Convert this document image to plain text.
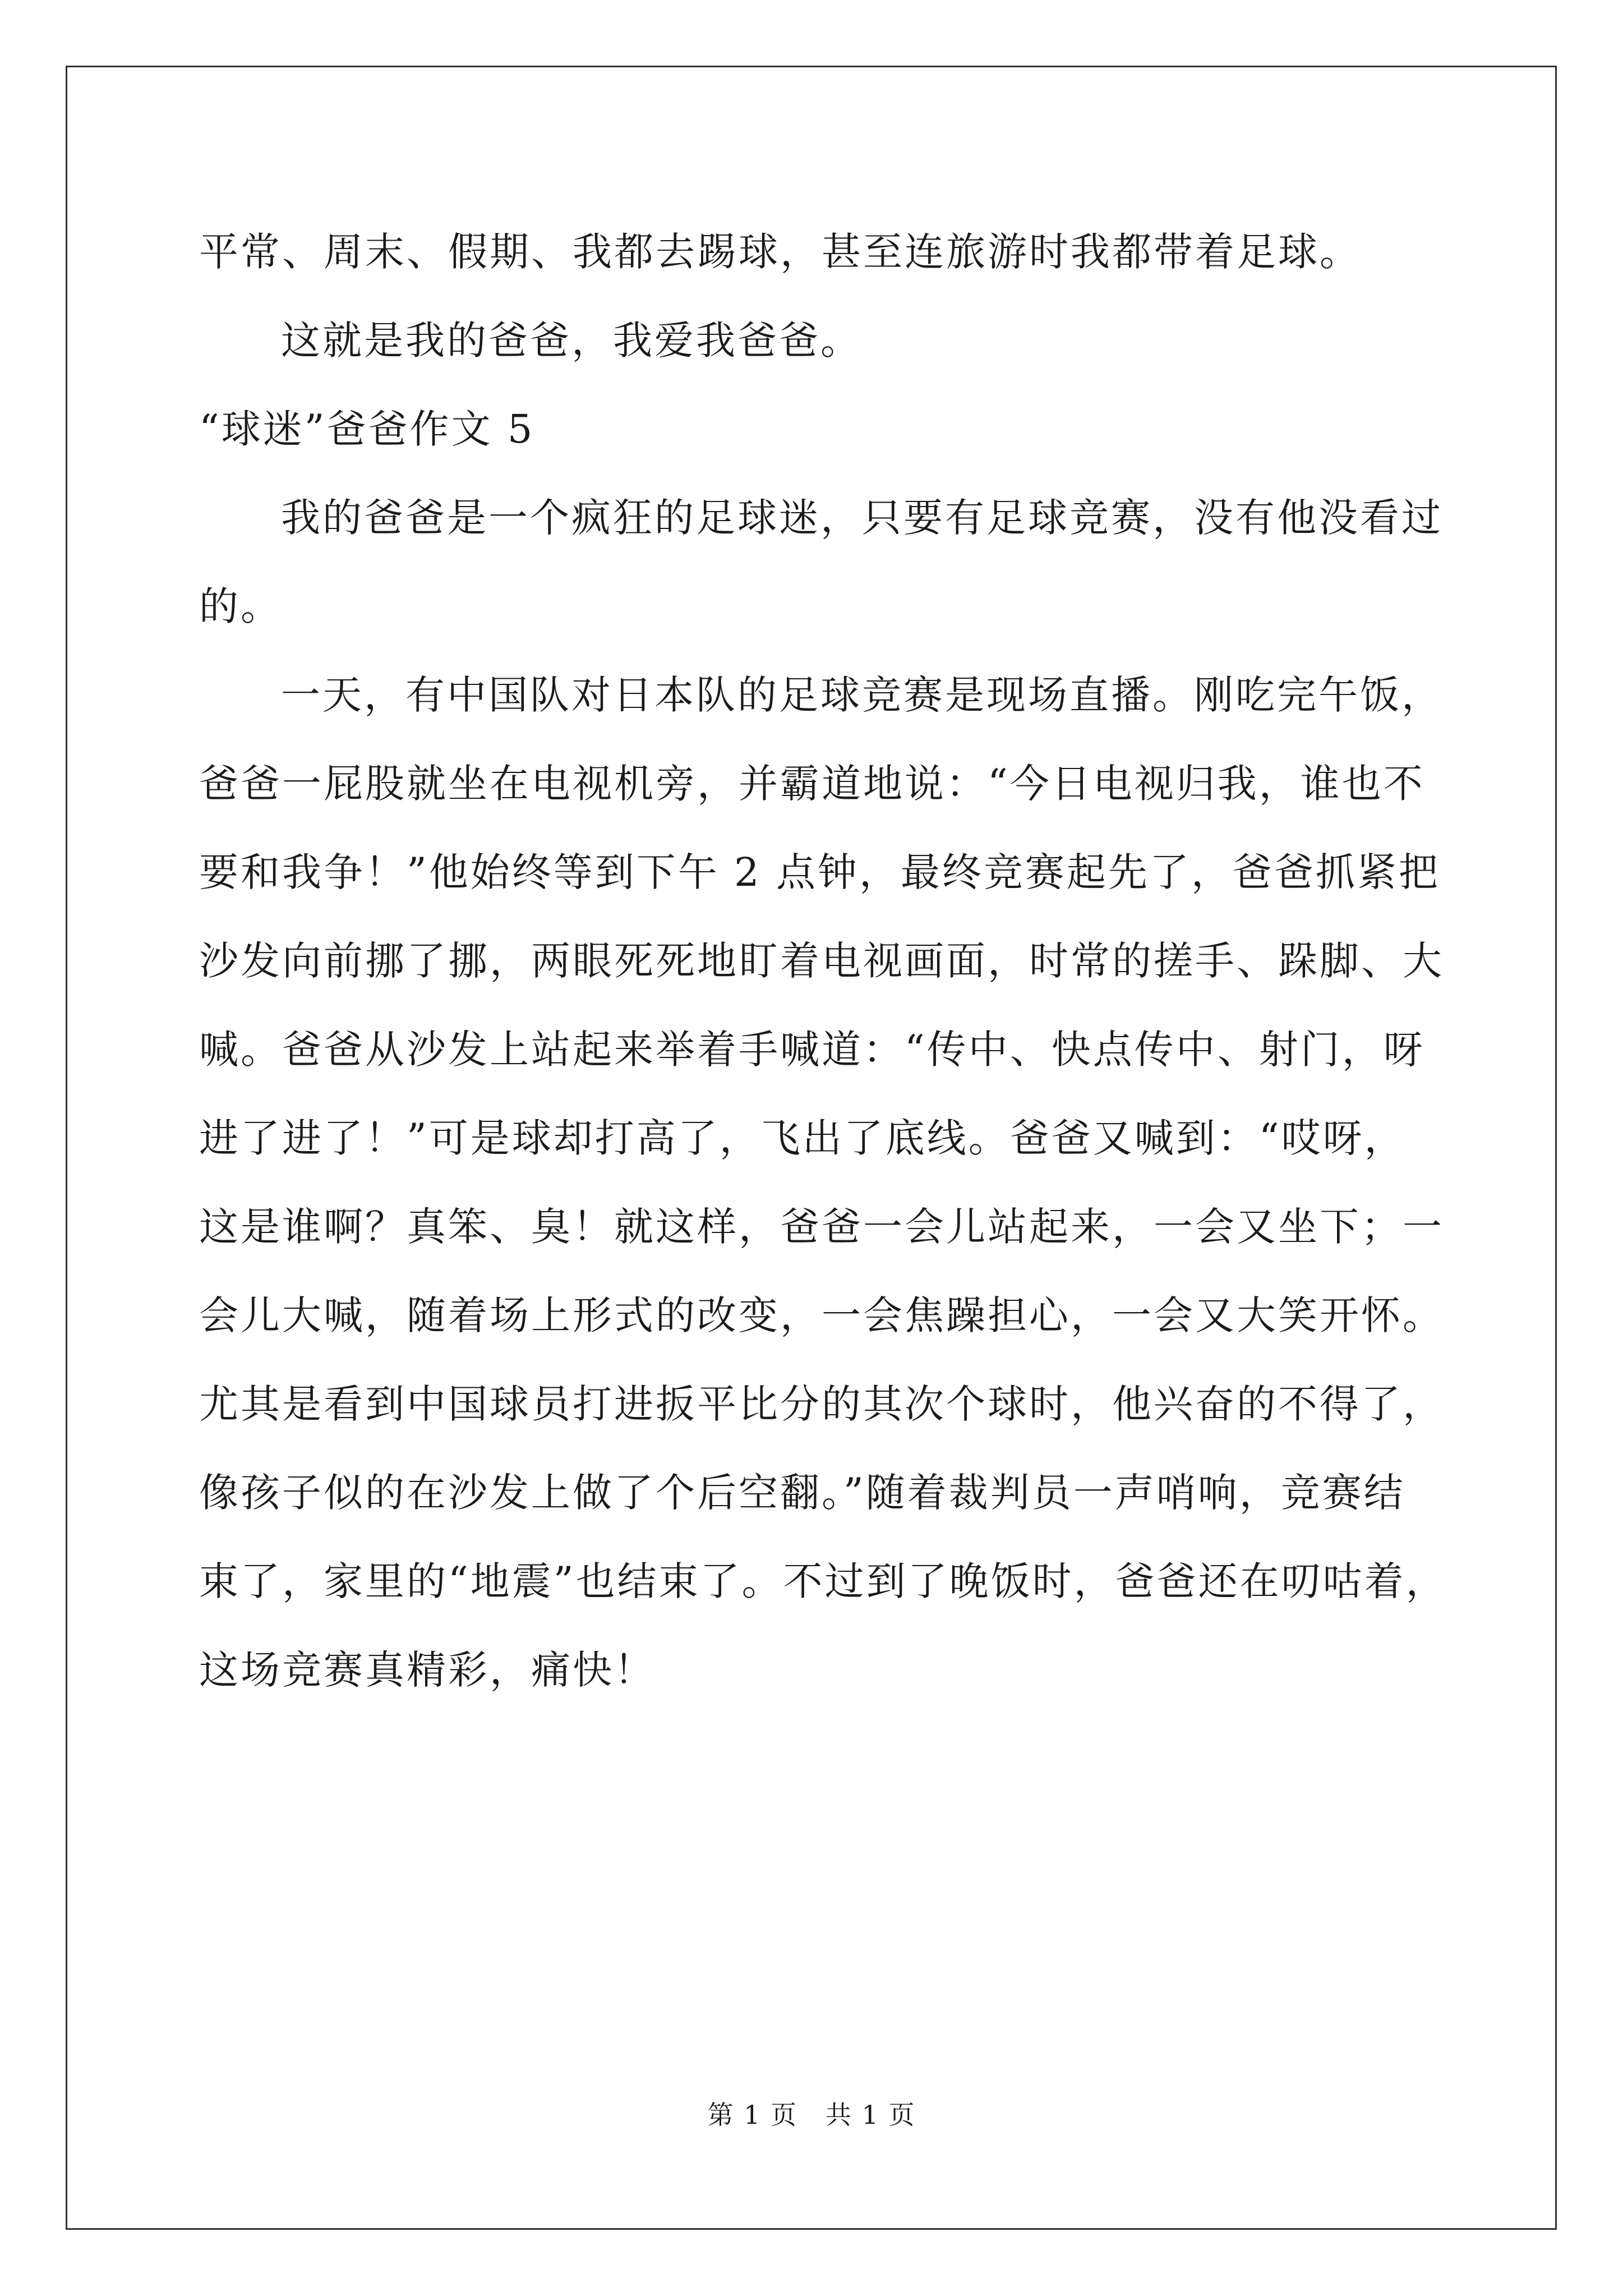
平常、周末、假期、我都去踢球，甚至连旅游时我都带着足球。
这就是我的爸爸，我爱我爸爸。
“球迷”爸爸作文 5
我的爸爸是一个疯狂的足球迷，只要有足球竞赛，没有他没看过
的。
一天，有中国队对日本队的足球竞赛是现场直播。刚吃完午饭，
爸爸一屁股就坐在电视机旁，并霸道地说：“今日电视归我，谁也不
要和我争！”他始终等到下午 2 点钟，最终竞赛起先了，爸爸抓紧把
沙发向前挪了挪，两眼死死地盯着电视画面，时常的搓手、跺脚、大
喊。爸爸从沙发上站起来举着手喊道：“传中、快点传中、射门，呀
进了进了！”可是球却打高了，飞出了底线。爸爸又喊到：“哎呀，
这是谁啊？真笨、臭！就这样，爸爸一会儿站起来，一会又坐下；一
会儿大喊，随着场上形式的改变，一会焦躁担心，一会又大笑开怀。
尤其是看到中国球员打进扳平比分的其次个球时，他兴奋的不得了，
像孩子似的在沙发上做了个后空翻。”随着裁判员一声哨响，竞赛结
束了，家里的“地震”也结束了。不过到了晚饭时，爸爸还在叨咕着，
这场竞赛真精彩，痛快！
第 1 页 共 1 页
